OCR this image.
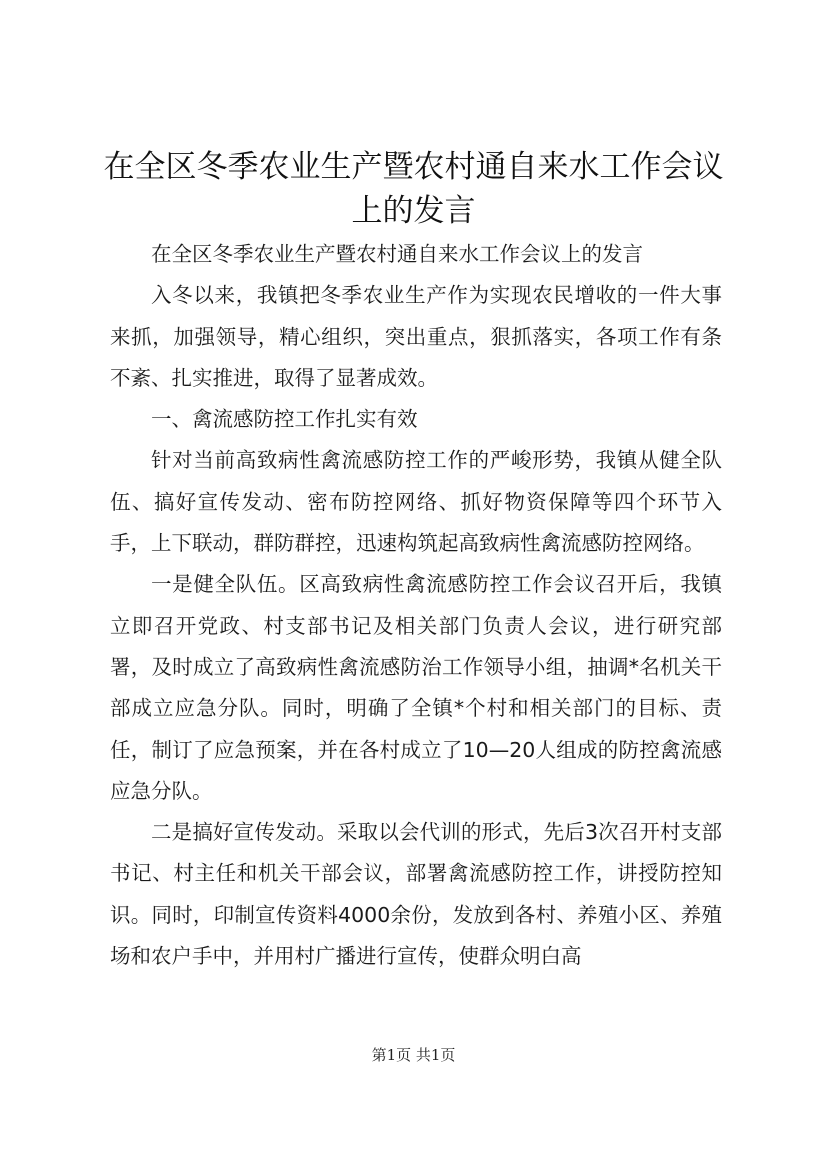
在全区冬季农业生产暨农村通自来水工作会议
上的发言

在全区冬季农业生产暨农村通自来水工作会议上的发言

入冬以来，我镇把冬季农业生产作为实现农民增收的一件大事来抓，加强领导，精心组织，突出重点，狠抓落实，各项工作有条不紊、扎实推进，取得了显著成效。

一、禽流感防控工作扎实有效

针对当前高致病性禽流感防控工作的严峻形势，我镇从健全队伍、搞好宣传发动、密布防控网络、抓好物资保障等四个环节入手，上下联动，群防群控，迅速构筑起高致病性禽流感防控网络。

一是健全队伍。区高致病性禽流感防控工作会议召开后，我镇立即召开党政、村支部书记及相关部门负责人会议，进行研究部署，及时成立了高致病性禽流感防治工作领导小组，抽调*名机关干部成立应急分队。同时，明确了全镇*个村和相关部门的目标、责任，制订了应急预案，并在各村成立了10—20人组成的防控禽流感应急分队。

二是搞好宣传发动。采取以会代训的形式，先后3次召开村支部书记、村主任和机关干部会议，部署禽流感防控工作，讲授防控知识。同时，印制宣传资料4000余份，发放到各村、养殖小区、养殖场和农户手中，并用村广播进行宣传，使群众明白高

第1页 共1页
